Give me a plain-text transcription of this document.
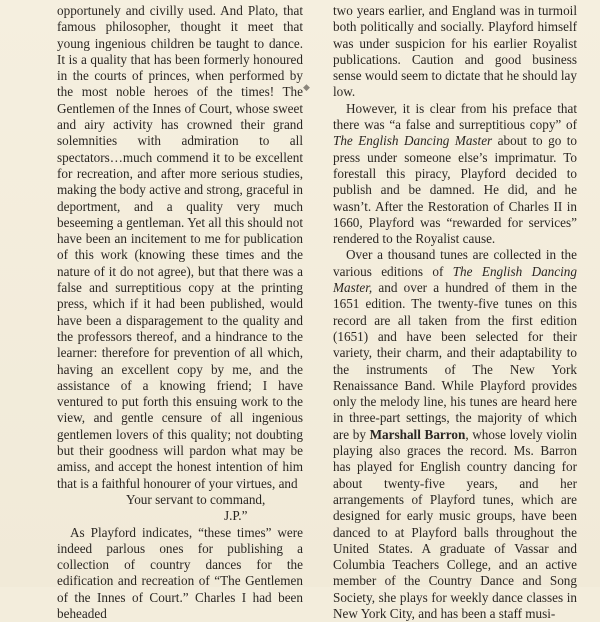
opportunely and civilly used. And Plato, that famous philosopher, thought it meet that young ingenious children be taught to dance. It is a quality that has been formerly honoured in the courts of princes, when performed by the most noble heroes of the times! The Gentlemen of the Innes of Court, whose sweet and airy activity has crowned their grand solemnities with admiration to all spectators…much commend it to be excellent for recreation, and after more serious studies, making the body active and strong, graceful in deportment, and a quality very much beseeming a gentleman. Yet all this should not have been an incitement to me for publication of this work (knowing these times and the nature of it do not agree), but that there was a false and surreptitious copy at the printing press, which if it had been published, would have been a disparagement to the quality and the professors thereof, and a hindrance to the learner: therefore for prevention of all which, having an excellent copy by me, and the assistance of a knowing friend; I have ventured to put forth this ensuing work to the view, and gentle censure of all ingenious gentlemen lovers of this quality; not doubting but their goodness will pardon what may be amiss, and accept the honest intention of him that is a faithful honourer of your virtues, and

Your servant to command,
J.P.”

As Playford indicates, “these times” were indeed parlous ones for publishing a collection of country dances for the edification and recreation of “The Gentlemen of the Innes of Court.” Charles I had been beheaded

◆

two years earlier, and England was in turmoil both politically and socially. Playford himself was under suspicion for his earlier Royalist publications. Caution and good business sense would seem to dictate that he should lay low.

However, it is clear from his preface that there was “a false and surreptitious copy” of The English Dancing Master about to go to press under someone else’s imprimatur. To forestall this piracy, Playford decided to publish and be damned. He did, and he wasn’t. After the Restoration of Charles II in 1660, Playford was “rewarded for services” rendered to the Royalist cause.

Over a thousand tunes are collected in the various editions of The English Dancing Master, and over a hundred of them in the 1651 edition. The twenty-five tunes on this record are all taken from the first edition (1651) and have been selected for their variety, their charm, and their adaptability to the instruments of The New York Renaissance Band. While Playford provides only the melody line, his tunes are heard here in three-part settings, the majority of which are by Marshall Barron, whose lovely violin playing also graces the record. Ms. Barron has played for English country dancing for about twenty-five years, and her arrangements of Playford tunes, which are designed for early music groups, have been danced to at Playford balls throughout the United States. A graduate of Vassar and Columbia Teachers College, and an active member of the Country Dance and Song Society, she plays for weekly dance classes in New York City, and has been a staff musi-
